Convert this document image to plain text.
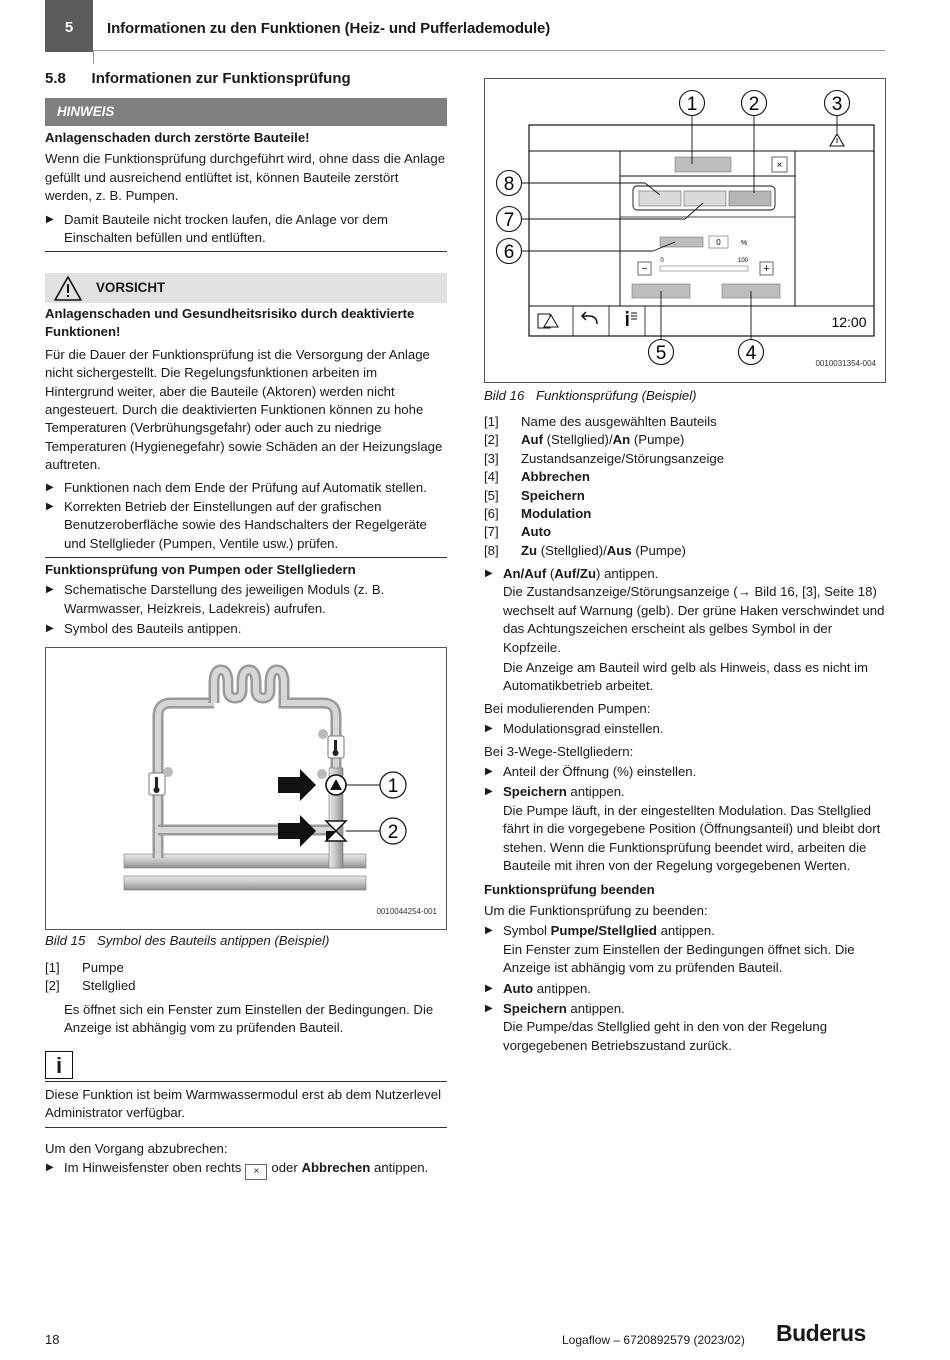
5	Informationen zu den Funktionen (Heiz- und Pufferlademodule)
5.8 Informationen zur Funktionsprüfung
HINWEIS

Anlagenschaden durch zerstörte Bauteile!

Wenn die Funktionsprüfung durchgeführt wird, ohne dass die Anlage gefüllt und ausreichend entlüftet ist, können Bauteile zerstört werden, z. B. Pumpen.

▶ Damit Bauteile nicht trocken laufen, die Anlage vor dem Einschalten befüllen und entlüften.

VORSICHT

Anlagenschaden und Gesundheitsrisiko durch deaktivierte Funktionen!

Für die Dauer der Funktionsprüfung ist die Versorgung der Anlage nicht sichergestellt. Die Regelungsfunktionen arbeiten im Hintergrund weiter, aber die Bauteile (Aktoren) werden nicht angesteuert. Durch die deaktivierten Funktionen können zu hohe Temperaturen (Verbrühungsgefahr) oder auch zu niedrige Temperaturen (Hygienegefahr) sowie Schäden an der Heizungslage auftreten.

▶ Funktionen nach dem Ende der Prüfung auf Automatik stellen.

▶ Korrekten Betrieb der Einstellungen auf der grafischen Benutzeroberfläche sowie des Handschalters der Regelgeräte und Stellglieder (Pumpen, Ventile usw.) prüfen.

Funktionsprüfung von Pumpen oder Stellgliedern

▶ Schematische Darstellung des jeweiligen Moduls (z. B. Warmwasser, Heizkreis, Ladekreis) aufrufen.

▶ Symbol des Bauteils antippen.

1
2
0010044254-001
Bild 15 Symbol des Bauteils antippen (Beispiel)
[1]	Pumpe
[2]	Stellglied

Es öffnet sich ein Fenster zum Einstellen der Bedingungen. Die Anzeige ist abhängig vom zu prüfenden Bauteil.

i

Diese Funktion ist beim Warmwassermodul erst ab dem Nutzerlevel Administrator verfügbar.

Um den Vorgang abzubrechen:

▶ Im Hinweisfenster oben rechts × oder Abbrechen antippen.

×
0	%
0	100
−	+
12:00
1	2	3
4
5
6
7
8
0010031354-004
Bild 16 Funktionsprüfung (Beispiel)
[1]	Name des ausgewählten Bauteils
[2]	Auf (Stellglied)/An (Pumpe)
[3]	Zustandsanzeige/Störungsanzeige
[4]	Abbrechen
[5]	Speichern
[6]	Modulation
[7]	Auto
[8]	Zu (Stellglied)/Aus (Pumpe)

▶ An/Auf (Auf/Zu) antippen.

Die Zustandsanzeige/Störungsanzeige (→ Bild 16, [3], Seite 18) wechselt auf Warnung (gelb). Der grüne Haken verschwindet und das Achtungszeichen erscheint als gelbes Symbol in der Kopfzeile.

Die Anzeige am Bauteil wird gelb als Hinweis, dass es nicht im Automatikbetrieb arbeitet.

Bei modulierenden Pumpen:

▶ Modulationsgrad einstellen.

Bei 3-Wege-Stellgliedern:

▶ Anteil der Öffnung (%) einstellen.

▶ Speichern antippen.

Die Pumpe läuft, in der eingestellten Modulation. Das Stellglied fährt in die vorgegebene Position (Öffnungsanteil) und bleibt dort stehen. Wenn die Funktionsprüfung beendet wird, arbeiten die Bauteile mit ihren von der Regelung vorgegebenen Werten.

Funktionsprüfung beenden

Um die Funktionsprüfung zu beenden:

▶ Symbol Pumpe/Stellglied antippen.

Ein Fenster zum Einstellen der Bedingungen öffnet sich. Die Anzeige ist abhängig vom zu prüfenden Bauteil.

▶ Auto antippen.

▶ Speichern antippen.

Die Pumpe/das Stellglied geht in den von der Regelung vorgegebenen Betriebszustand zurück.

18	Logaflow – 6720892579 (2023/02) Buderus
